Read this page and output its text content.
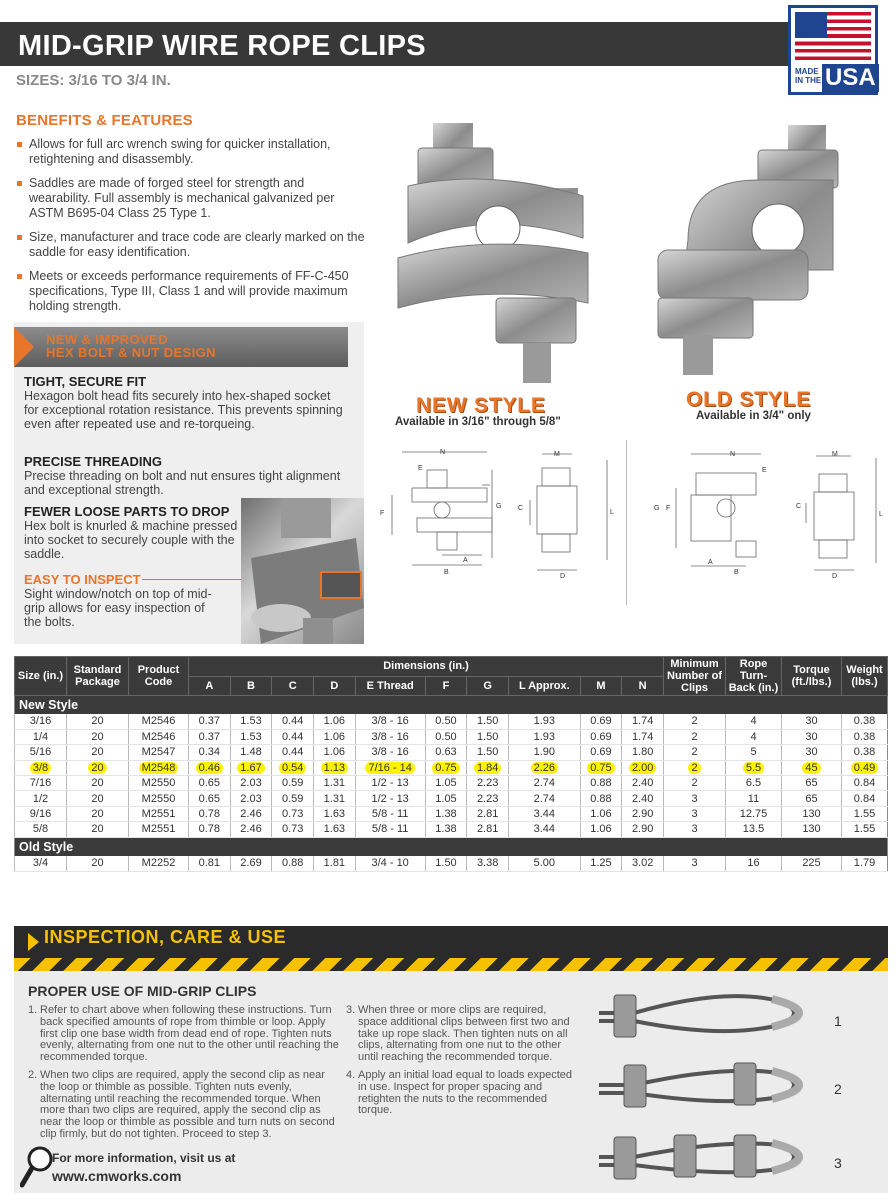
MID-GRIP WIRE ROPE CLIPS
SIZES: 3/16 TO 3/4 IN.
MADE
IN THE USA
BENEFITS & FEATURES
Allows for full arc wrench swing for quicker installation, retightening and disassembly.
Saddles are made of forged steel for strength and wearability. Full assembly is mechanical galvanized per ASTM B695-04 Class 25 Type 1.
Size, manufacturer and trace code are clearly marked on the saddle for easy identification.
Meets or exceeds performance requirements of FF-C-450 specifications, Type III, Class 1 and will provide maximum holding strength.
NEW & IMPROVED
HEX BOLT & NUT DESIGN
TIGHT, SECURE FIT

Hexagon bolt head fits securely into hex-shaped socket for exceptional rotation resistance. This prevents spinning even after repeated use and re-torqueing.

PRECISE THREADING

Precise threading on bolt and nut ensures tight alignment and exceptional strength.

FEWER LOOSE PARTS TO DROP

Hex bolt is knurled & machine pressed into socket to securely couple with the saddle.

EASY TO INSPECT

Sight window/notch on top of mid-grip allows for easy inspection of the bolts.

NEW STYLE
Available in 3/16" through 5/8"
OLD STYLE
Available in 3/4" only
N
E
F
A
B
G
M
C
L
D
N
E
F
A
B
G
M
C
L
D
Size (in.)	Standard Package	Product Code	Dimensions (in.)										Minimum Number of Clips	Rope Turn-Back (in.)	Torque (ft./lbs.)	Weight (lbs.)
			A	B	C	D	E Thread	F	G	L Approx.	M	N				
New Style																
3/16	20	M2546	0.37	1.53	0.44	1.06	3/8 - 16	0.50	1.50	1.93	0.69	1.74	2	4	30	0.38
1/4	20	M2546	0.37	1.53	0.44	1.06	3/8 - 16	0.50	1.50	1.93	0.69	1.74	2	4	30	0.38
5/16	20	M2547	0.34	1.48	0.44	1.06	3/8 - 16	0.63	1.50	1.90	0.69	1.80	2	5	30	0.38
3/8	20	M2548	0.46	1.67	0.54	1.13	7/16 - 14	0.75	1.84	2.26	0.75	2.00	2	5.5	45	0.49
7/16	20	M2550	0.65	2.03	0.59	1.31	1/2 - 13	1.05	2.23	2.74	0.88	2.40	2	6.5	65	0.84
1/2	20	M2550	0.65	2.03	0.59	1.31	1/2 - 13	1.05	2.23	2.74	0.88	2.40	3	11	65	0.84
9/16	20	M2551	0.78	2.46	0.73	1.63	5/8 - 11	1.38	2.81	3.44	1.06	2.90	3	12.75	130	1.55
5/8	20	M2551	0.78	2.46	0.73	1.63	5/8 - 11	1.38	2.81	3.44	1.06	2.90	3	13.5	130	1.55
Old Style																
3/4	20	M2252	0.81	2.69	0.88	1.81	3/4 - 10	1.50	3.38	5.00	1.25	3.02	3	16	225	1.79
INSPECTION, CARE & USE
PROPER USE OF MID-GRIP CLIPS
1. Refer to chart above when following these instructions. Turn back specified amounts of rope from thimble or loop. Apply first clip one base width from dead end of rope. Tighten nuts evenly, alternating from one nut to the other until reaching the recommended torque.
2. When two clips are required, apply the second clip as near the loop or thimble as possible. Tighten nuts evenly, alternating until reaching the recommended torque. When more than two clips are required, apply the second clip as near the loop or thimble as possible and turn nuts on second clip firmly, but do not tighten. Proceed to step 3.
3. When three or more clips are required, space additional clips between first two and take up rope slack. Then tighten nuts on all clips, alternating from one nut to the other until reaching the recommended torque.
4. Apply an initial load equal to loads expected in use. Inspect for proper spacing and retighten the nuts to the recommended torque.
For more information, visit us at
www.cmworks.com
1
2
3
